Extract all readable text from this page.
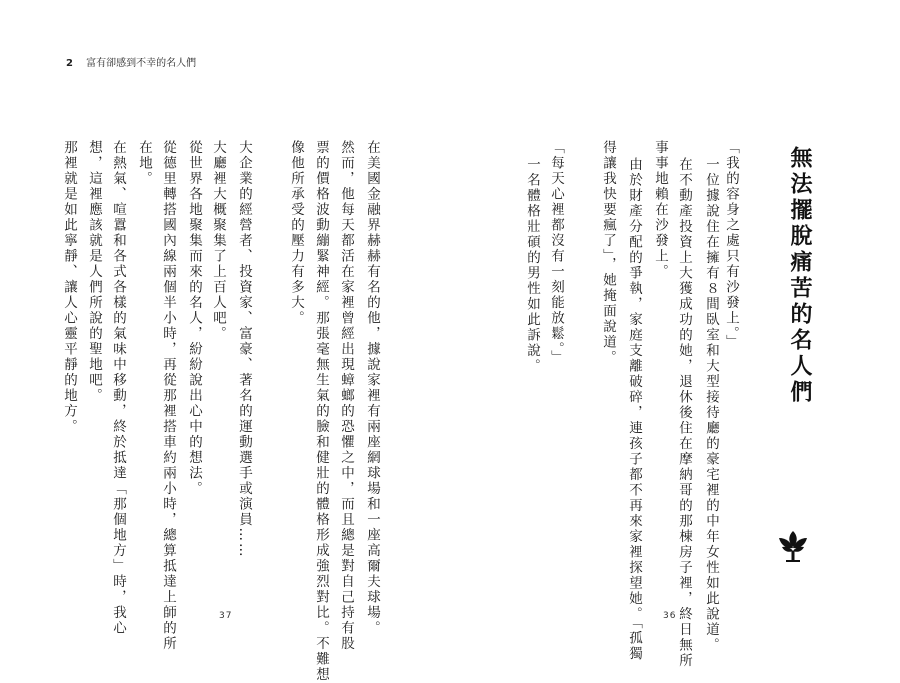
2 富有卻感到不幸的名人們
無法擺脫痛苦的名人們
「我的容身之處只有沙發上。」
一位據說住在擁有８間臥室和大型接待廳的豪宅裡的中年女性如此說道。
在不動產投資上大獲成功的她，退休後住在摩納哥的那棟房子裡，終日無所
事事地賴在沙發上。
由於財產分配的爭執，家庭支離破碎，連孩子都不再來家裡探望她。「孤獨
得讓我快要瘋了」，她掩面說道。
「每天心裡都沒有一刻能放鬆。」
一名體格壯碩的男性如此訴說。
36
在美國金融界赫赫有名的他，據說家裡有兩座網球場和一座高爾夫球場。
然而，他每天都活在家裡曾經出現蟑螂的恐懼之中，而且總是對自己持有股
票的價格波動繃緊神經。那張毫無生氣的臉和健壯的體格形成強烈對比。不難想
像他所承受的壓力有多大。
大企業的經營者、投資家、富豪、著名的運動選手或演員……
大廳裡大概聚集了上百人吧。
從世界各地聚集而來的名人，紛紛說出心中的想法。
從德里轉搭國內線兩個半小時，再從那裡搭車約兩小時，總算抵達上師的所
在地。
在熱氣、喧囂和各式各樣的氣味中移動，終於抵達「那個地方」時，我心
想，這裡應該就是人們所說的聖地吧。
那裡就是如此寧靜、讓人心靈平靜的地方。
37
